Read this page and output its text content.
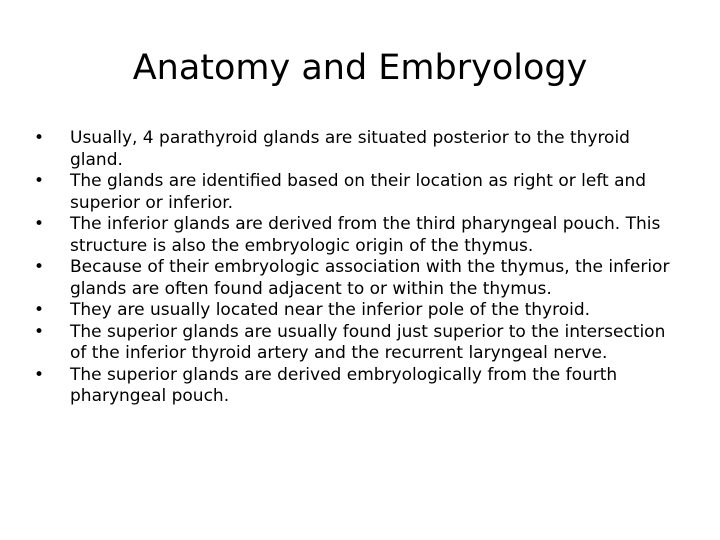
Anatomy and Embryology
•	Usually, 4 parathyroid glands are situated posterior to the thyroid gland.
•	The glands are identified based on their location as right or left and superior or inferior.
•	The inferior glands are derived from the third pharyngeal pouch. This structure is also the embryologic origin of the thymus.
•	Because of their embryologic association with the thymus, the inferior glands are often found adjacent to or within the thymus.
•	They are usually located near the inferior pole of the thyroid.
•	The superior glands are usually found just superior to the intersection of the inferior thyroid artery and the recurrent laryngeal nerve.
•	The superior glands are derived embryologically from the fourth pharyngeal pouch.
